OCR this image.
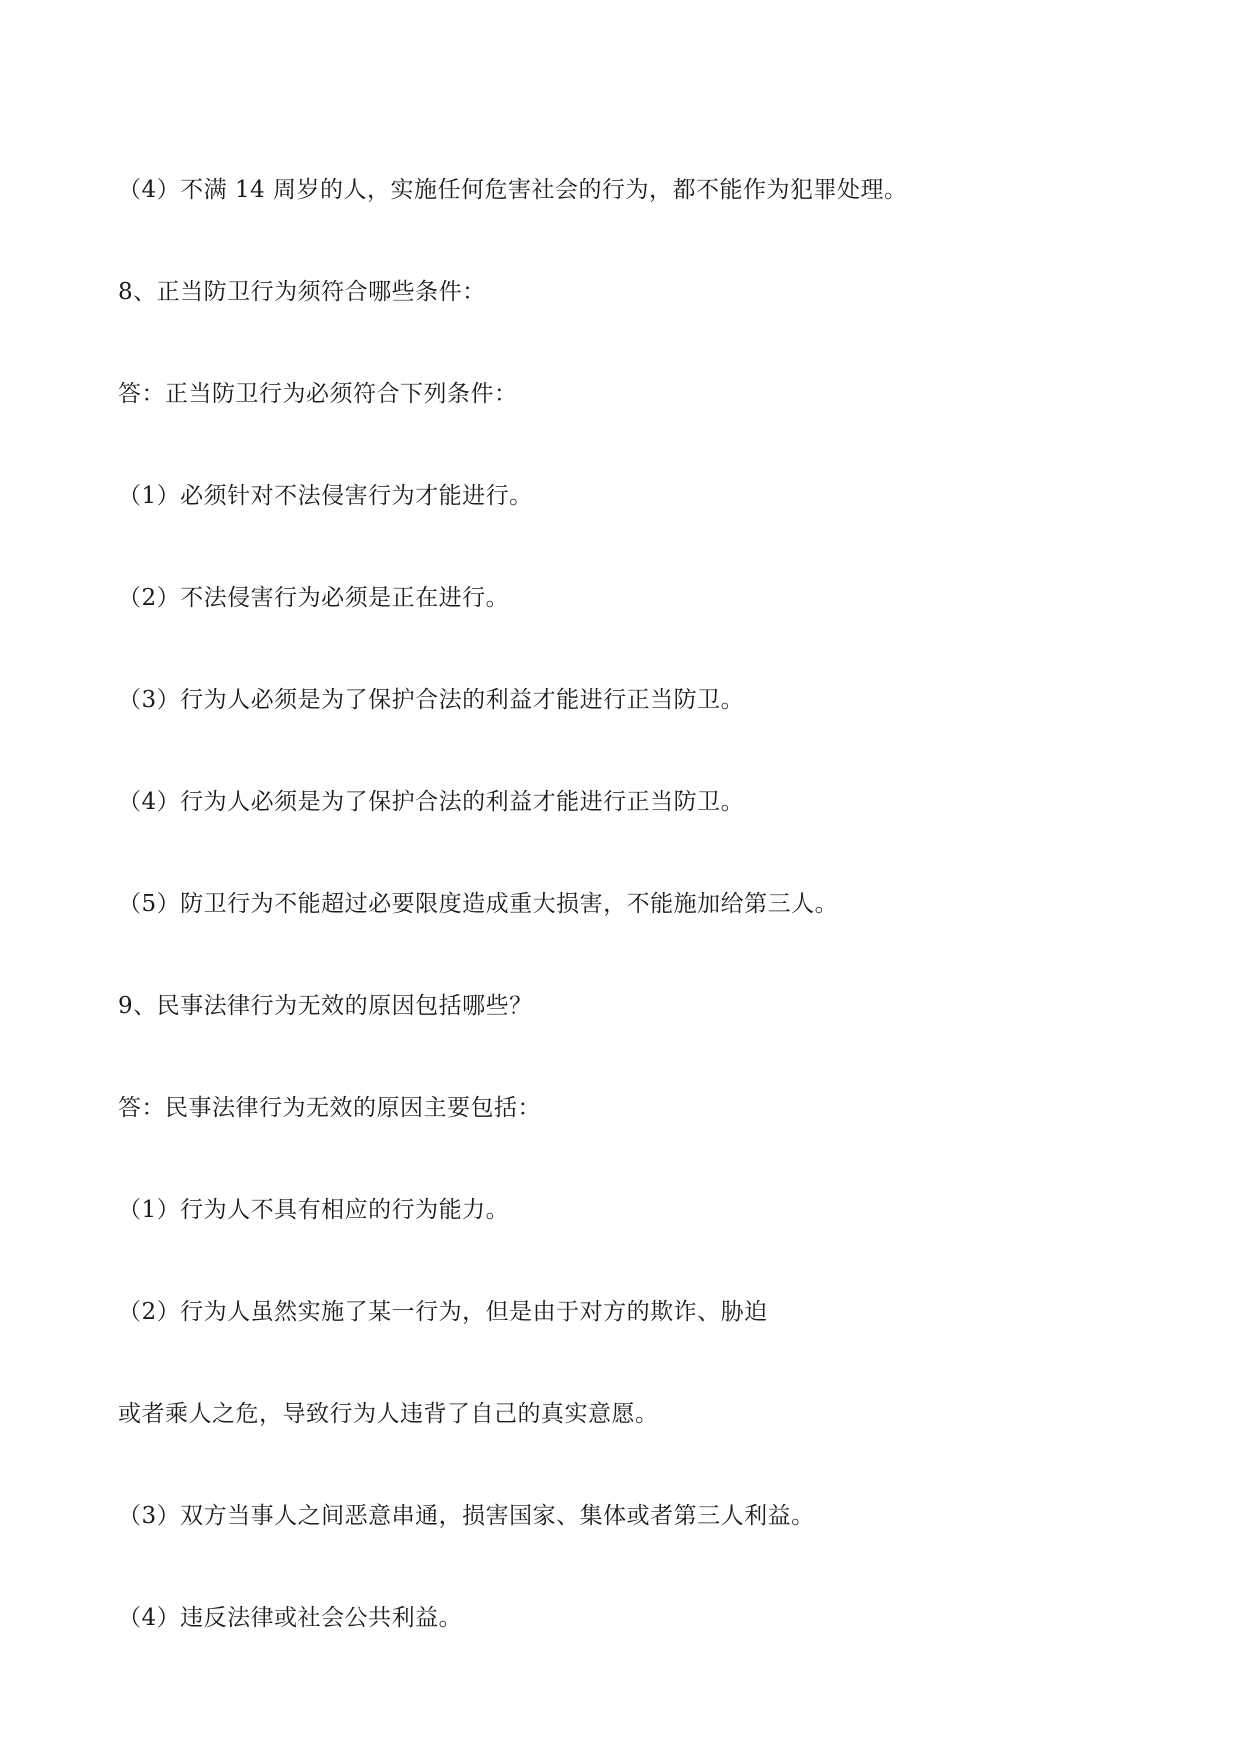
（4）不满 14 周岁的人，实施任何危害社会的行为，都不能作为犯罪处理。
8、正当防卫行为须符合哪些条件：
答：正当防卫行为必须符合下列条件：
（1）必须针对不法侵害行为才能进行。
（2）不法侵害行为必须是正在进行。
（3）行为人必须是为了保护合法的利益才能进行正当防卫。
（4）行为人必须是为了保护合法的利益才能进行正当防卫。
（5）防卫行为不能超过必要限度造成重大损害，不能施加给第三人。
9、民事法律行为无效的原因包括哪些？
答：民事法律行为无效的原因主要包括：
（1）行为人不具有相应的行为能力。
（2）行为人虽然实施了某一行为，但是由于对方的欺诈、胁迫
或者乘人之危，导致行为人违背了自己的真实意愿。
（3）双方当事人之间恶意串通，损害国家、集体或者第三人利益。
（4）违反法律或社会公共利益。
